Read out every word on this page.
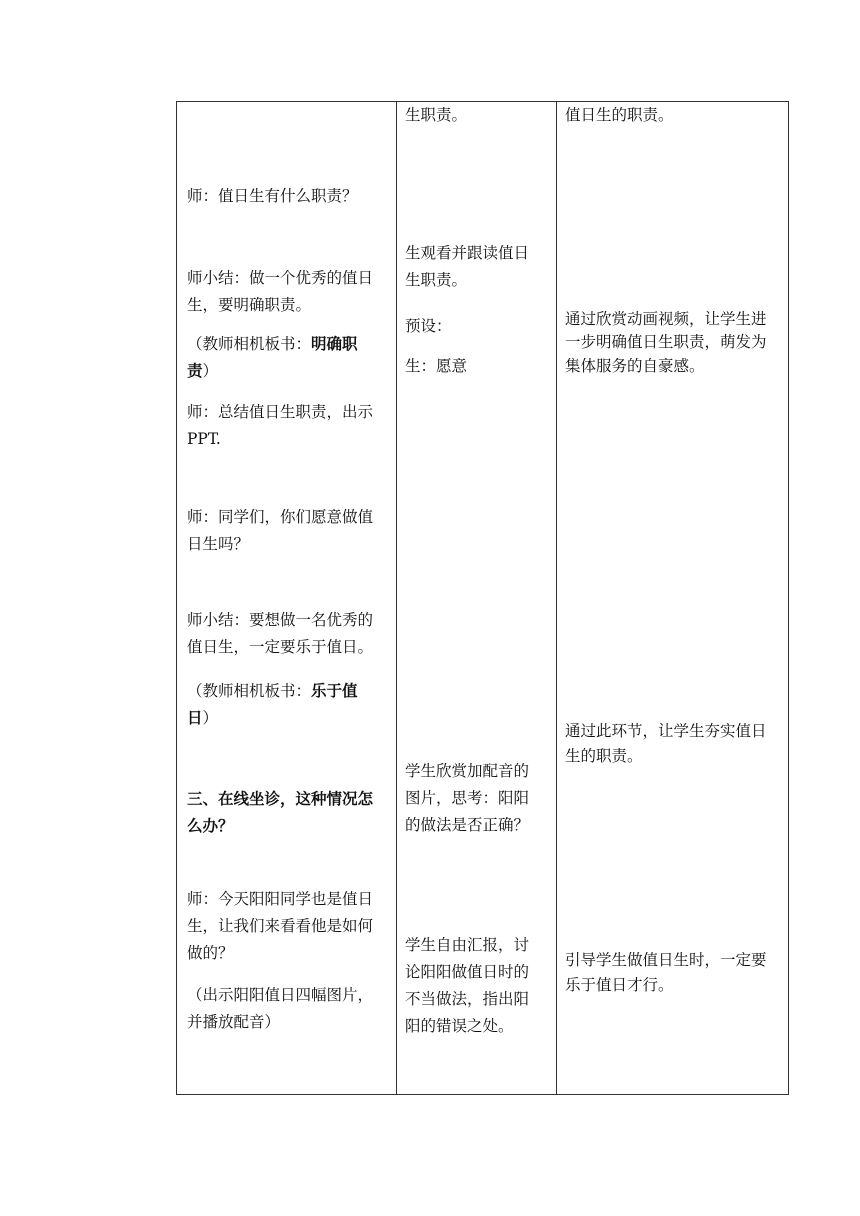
师：值日生有什么职责？
师小结：做一个优秀的值日
生，要明确职责。
（教师相机板书：明确职
责）
师：总结值日生职责，出示
PPT.
师：同学们，你们愿意做值
日生吗？
师小结：要想做一名优秀的
值日生，一定要乐于值日。
（教师相机板书：乐于值
日）
三、在线坐诊，这种情况怎
么办？
师：今天阳阳同学也是值日
生，让我们来看看他是如何
做的？
（出示阳阳值日四幅图片，
并播放配音）
生职责。
生观看并跟读值日
生职责。
预设：
生：愿意
学生欣赏加配音的
图片，思考：阳阳
的做法是否正确？
学生自由汇报，讨
论阳阳做值日时的
不当做法，指出阳
阳的错误之处。
值日生的职责。
通过欣赏动画视频，让学生进
一步明确值日生职责，萌发为
集体服务的自豪感。
通过此环节，让学生夯实值日
生的职责。
引导学生做值日生时，一定要
乐于值日才行。
